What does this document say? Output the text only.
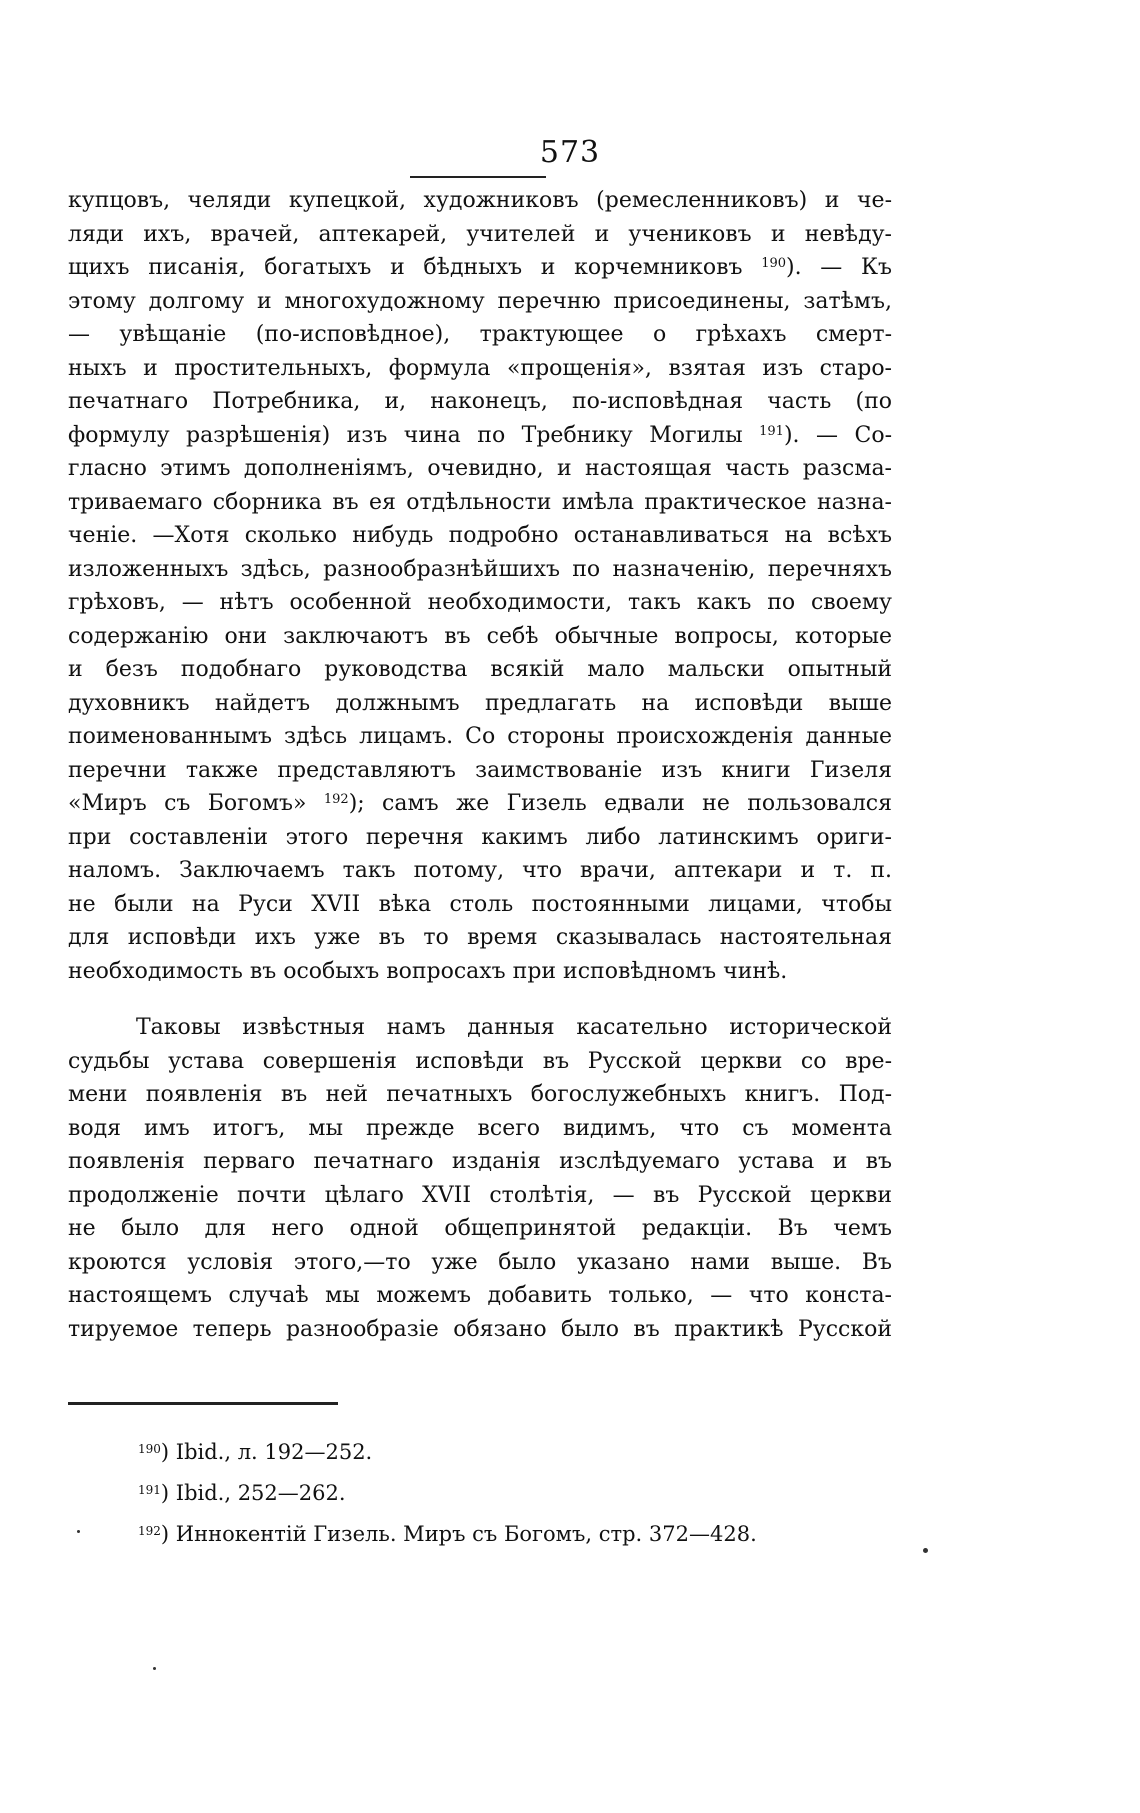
573
купцовъ, челяди купецкой, художниковъ (ремесленниковъ) и че-
ляди ихъ, врачей, аптекарей, учителей и учениковъ и невѣду-
щихъ писанія, богатыхъ и бѣдныхъ и корчемниковъ $^{190}$). — Къ
этому долгому и многохудожному перечню присоединены, затѣмъ,
— увѣщаніе (по-исповѣдное), трактующее о грѣхахъ смерт-
ныхъ и простительныхъ, формула «прощенія», взятая изъ старо-
печатнаго Потребника, и, наконецъ, по-исповѣдная часть (по
формулу разрѣшенія) изъ чина по Требнику Могилы $^{191}$). — Со-
гласно этимъ дополненіямъ, очевидно, и настоящая часть разсма-
триваемаго сборника въ ея отдѣльности имѣла практическое назна-
ченіе. —Хотя сколько нибудь подробно останавливаться на всѣхъ
изложенныхъ здѣсь, разнообразнѣйшихъ по назначенію, перечняхъ
грѣховъ, — нѣтъ особенной необходимости, такъ какъ по своему
содержанію они заключаютъ въ себѣ обычные вопросы, которые
и безъ подобнаго руководства всякій мало мальски опытный
духовникъ найдетъ должнымъ предлагать на исповѣди выше
поименованнымъ здѣсь лицамъ. Со стороны происхожденія данные
перечни также представляютъ заимствованіе изъ книги Гизеля
«Миръ съ Богомъ» $^{192}$); самъ же Гизель едвали не пользовался
при составленіи этого перечня какимъ либо латинскимъ ориги-
наломъ. Заключаемъ такъ потому, что врачи, аптекари и т. п.
не были на Руси XVII вѣка столь постоянными лицами, чтобы
для исповѣди ихъ уже въ то время сказывалась настоятельная
необходимость въ особыхъ вопросахъ при исповѣдномъ чинѣ.
Таковы извѣстныя намъ данныя касательно исторической
судьбы устава совершенія исповѣди въ Русской церкви со вре-
мени появленія въ ней печатныхъ богослужебныхъ книгъ. Под-
водя имъ итогъ, мы прежде всего видимъ, что съ момента
появленія перваго печатнаго изданія изслѣдуемаго устава и въ
продолженіе почти цѣлаго XVII столѣтія, — въ Русской церкви
не было для него одной общепринятой редакціи. Въ чемъ
кроются условія этого,—то уже было указано нами выше. Въ
настоящемъ случаѣ мы можемъ добавить только, — что конста-
тируемое теперь разнообразіе обязано было въ практикѣ Русской
$^{190}$) Ibid., л. 192—252.
$^{191}$) Ibid., 252—262.
$^{192}$) Иннокентій Гизель. Миръ съ Богомъ, стр. 372—428.
